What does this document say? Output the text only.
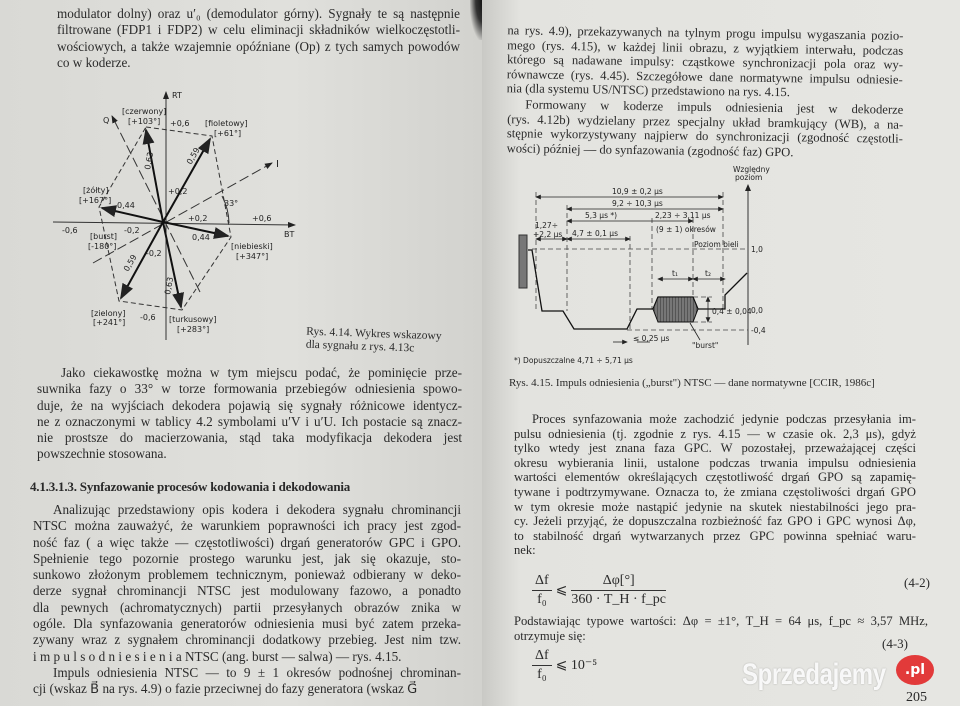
modulator dolny) oraz u′₀ (demodulator górny). Sygnały te są następnie
filtrowane (FDP1 i FDP2) w celu eliminacji składników wielkoczęstotli-
wościowych, a także wzajemnie opóźniane (Op) z tych samych powodów
co w koderze.
RT
BT
Q
I
33°
-0,6	-0,2
+0,2	+0,6
+0,6
+0,2
-0,2
-0,6
[czerwony]
[+103°]	[fioletowy]
[+61°]
[żółty]
[+167°]
[niebieski]
[+347°]
[zielony]
[+241°]	[turkusowy]
[+283°]
[burst]
[-180°]
0,63	0,59
0,44
0,44
0,59
0,63
Rys. 4.14. Wykres wskazowy
dla sygnału z rys. 4.13c
Jako ciekawostkę można w tym miejscu podać, że pominięcie prze-
suwnika fazy o 33° w torze formowania przebiegów odniesienia spowo-
duje, że na wyjściach dekodera pojawią się sygnały różnicowe identycz-
ne z oznaczonymi w tablicy 4.2 symbolami u′V i u′U. Ich postacie są znacz-
nie prostsze do macierzowania, stąd taka modyfikacja dekodera jest
powszechnie stosowana.
4.1.3.1.3. Synfazowanie procesów kodowania i dekodowania
Analizując przedstawiony opis kodera i dekodera sygnału chrominancji
NTSC można zauważyć, że warunkiem poprawności ich pracy jest zgod-
ność faz ( a więc także — częstotliwości) drgań generatorów GPC i GPO.
Spełnienie tego pozornie prostego warunku jest, jak się okazuje, sto-
sunkowo złożonym problemem technicznym, ponieważ odbierany w deko-
derze sygnał chrominancji NTSC jest modulowany fazowo, a ponadto
dla pewnych (achromatycznych) partii przesyłanych obrazów znika w
ogóle. Dla synfazowania generatorów odniesienia musi być zatem przeka-
zywany wraz z sygnałem chrominancji dodatkowy przebieg. Jest nim tzw.
i m p u l s o d n i e s i e n i a NTSC (ang. burst — salwa) — rys. 4.15.
Impuls odniesienia NTSC — to 9 ± 1 okresów podnośnej chrominan-
cji (wskaz B⃗ na rys. 4.9) o fazie przeciwnej do fazy generatora (wskaz G⃗
na rys. 4.9), przekazywanych na tylnym progu impulsu wygaszania pozio-
mego (rys. 4.15), w każdej linii obrazu, z wyjątkiem interwału, podczas
którego są nadawane impulsy: cząstkowe synchronizacji pola oraz wy-
równawcze (rys. 4.45). Szczegółowe dane normatywne impulsu odniesie-
nia (dla systemu US/NTSC) przedstawiono na rys. 4.15.
Formowany w koderze impuls odniesienia jest w dekoderze
(rys. 4.12b) wydzielany przez specjalny układ bramkujący (WB), a na-
stępnie wykorzystywany najpierw do synchronizacji (zgodność częstotli-
wości) później — do synfazowania (zgodność faz) GPO.
Względny
poziom
1,0
0,0
-0,4
10,9 ± 0,2 μs
9,2 ÷ 10,3 μs
5,3 μs *)	2,23 ÷ 3,11 μs
1,27÷
÷2,2 μs 4,7 ± 0,1 μs	(9 ± 1) okresów
Poziom bieli
t₁	t₂
0,4 ± 0,04
≤ 0,25 μs
"burst"
*) Dopuszczalne 4,71 ÷ 5,71 μs
Rys. 4.15. Impuls odniesienia („burst") NTSC — dane normatywne [CCIR, 1986c]
Proces synfazowania może zachodzić jedynie podczas przesyłania im-
pulsu odniesienia (tj. zgodnie z rys. 4.15 — w czasie ok. 2,3 μs), gdyż
tylko wtedy jest znana faza GPC. W pozostałej, przeważającej części
okresu wybierania linii, ustalone podczas trwania impulsu odniesienia
wartości elementów określających częstotliwość drgań GPO są zapamię-
tywane i podtrzymywane. Oznacza to, że zmiana częstoliwości drgań GPO
w tym okresie może nastąpić jedynie na skutek niestabilności jego pra-
cy. Jeżeli przyjąć, że dopuszczalna rozbieżność faz GPO i GPC wynosi Δφ,
to stabilność drgań wytwarzanych przez GPC powinna spełniać waru-
nek:
$\frac{\Delta f}{\text{f₀}}$ ⩽ $\frac{\Delta\varphi[^\circ]}{360 \cdot T\_H \cdot f\_pc}$	(4-2)
Podstawiając typowe wartości: Δφ = ±1°, T_H = 64 μs, f_pc ≈ 3,57 MHz,
otrzymuje się:
$\frac{\Delta f}{\text{f₀}}$ ⩽ 10⁻⁵
(4-3)
205
Sprzedajemy	.pl
